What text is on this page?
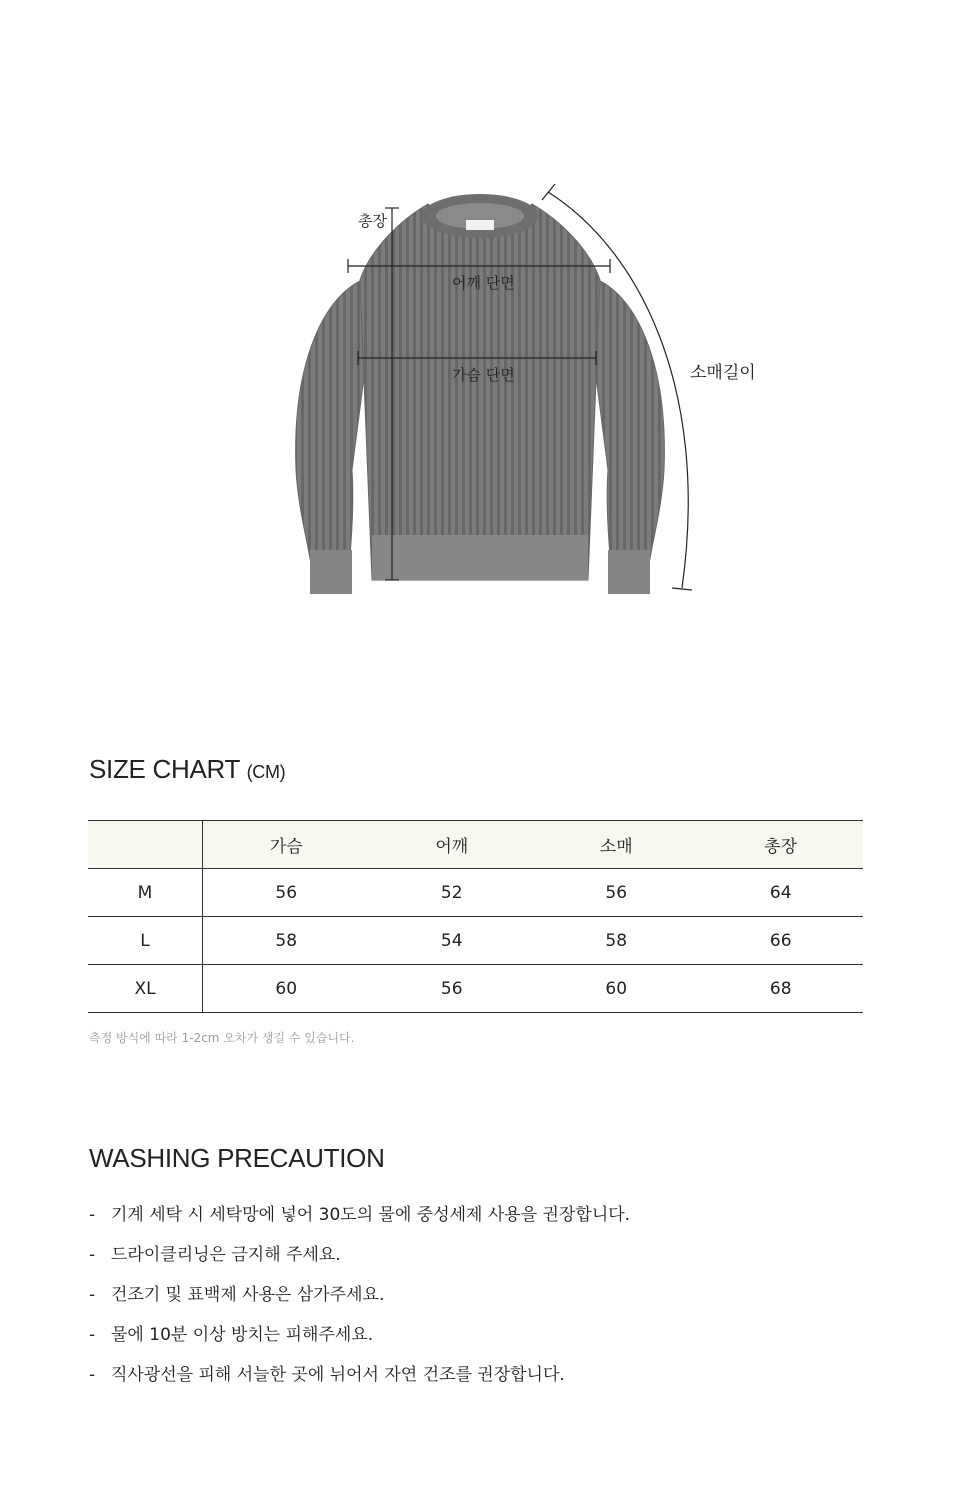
총장
어깨 단면
가슴 단면	소매길이
SIZE CHART (CM)
	가슴	어깨	소매	총장
M	56	52	56	64
L	58	54	58	66
XL	60	56	60	68
측정 방식에 따라 1-2cm 오차가 생길 수 있습니다.
WASHING PRECAUTION
- 기계 세탁 시 세탁망에 넣어 30도의 물에 중성세제 사용을 권장합니다.
- 드라이클리닝은 금지해 주세요.
- 건조기 및 표백제 사용은 삼가주세요.
- 물에 10분 이상 방치는 피해주세요.
- 직사광선을 피해 서늘한 곳에 뉘어서 자연 건조를 권장합니다.
